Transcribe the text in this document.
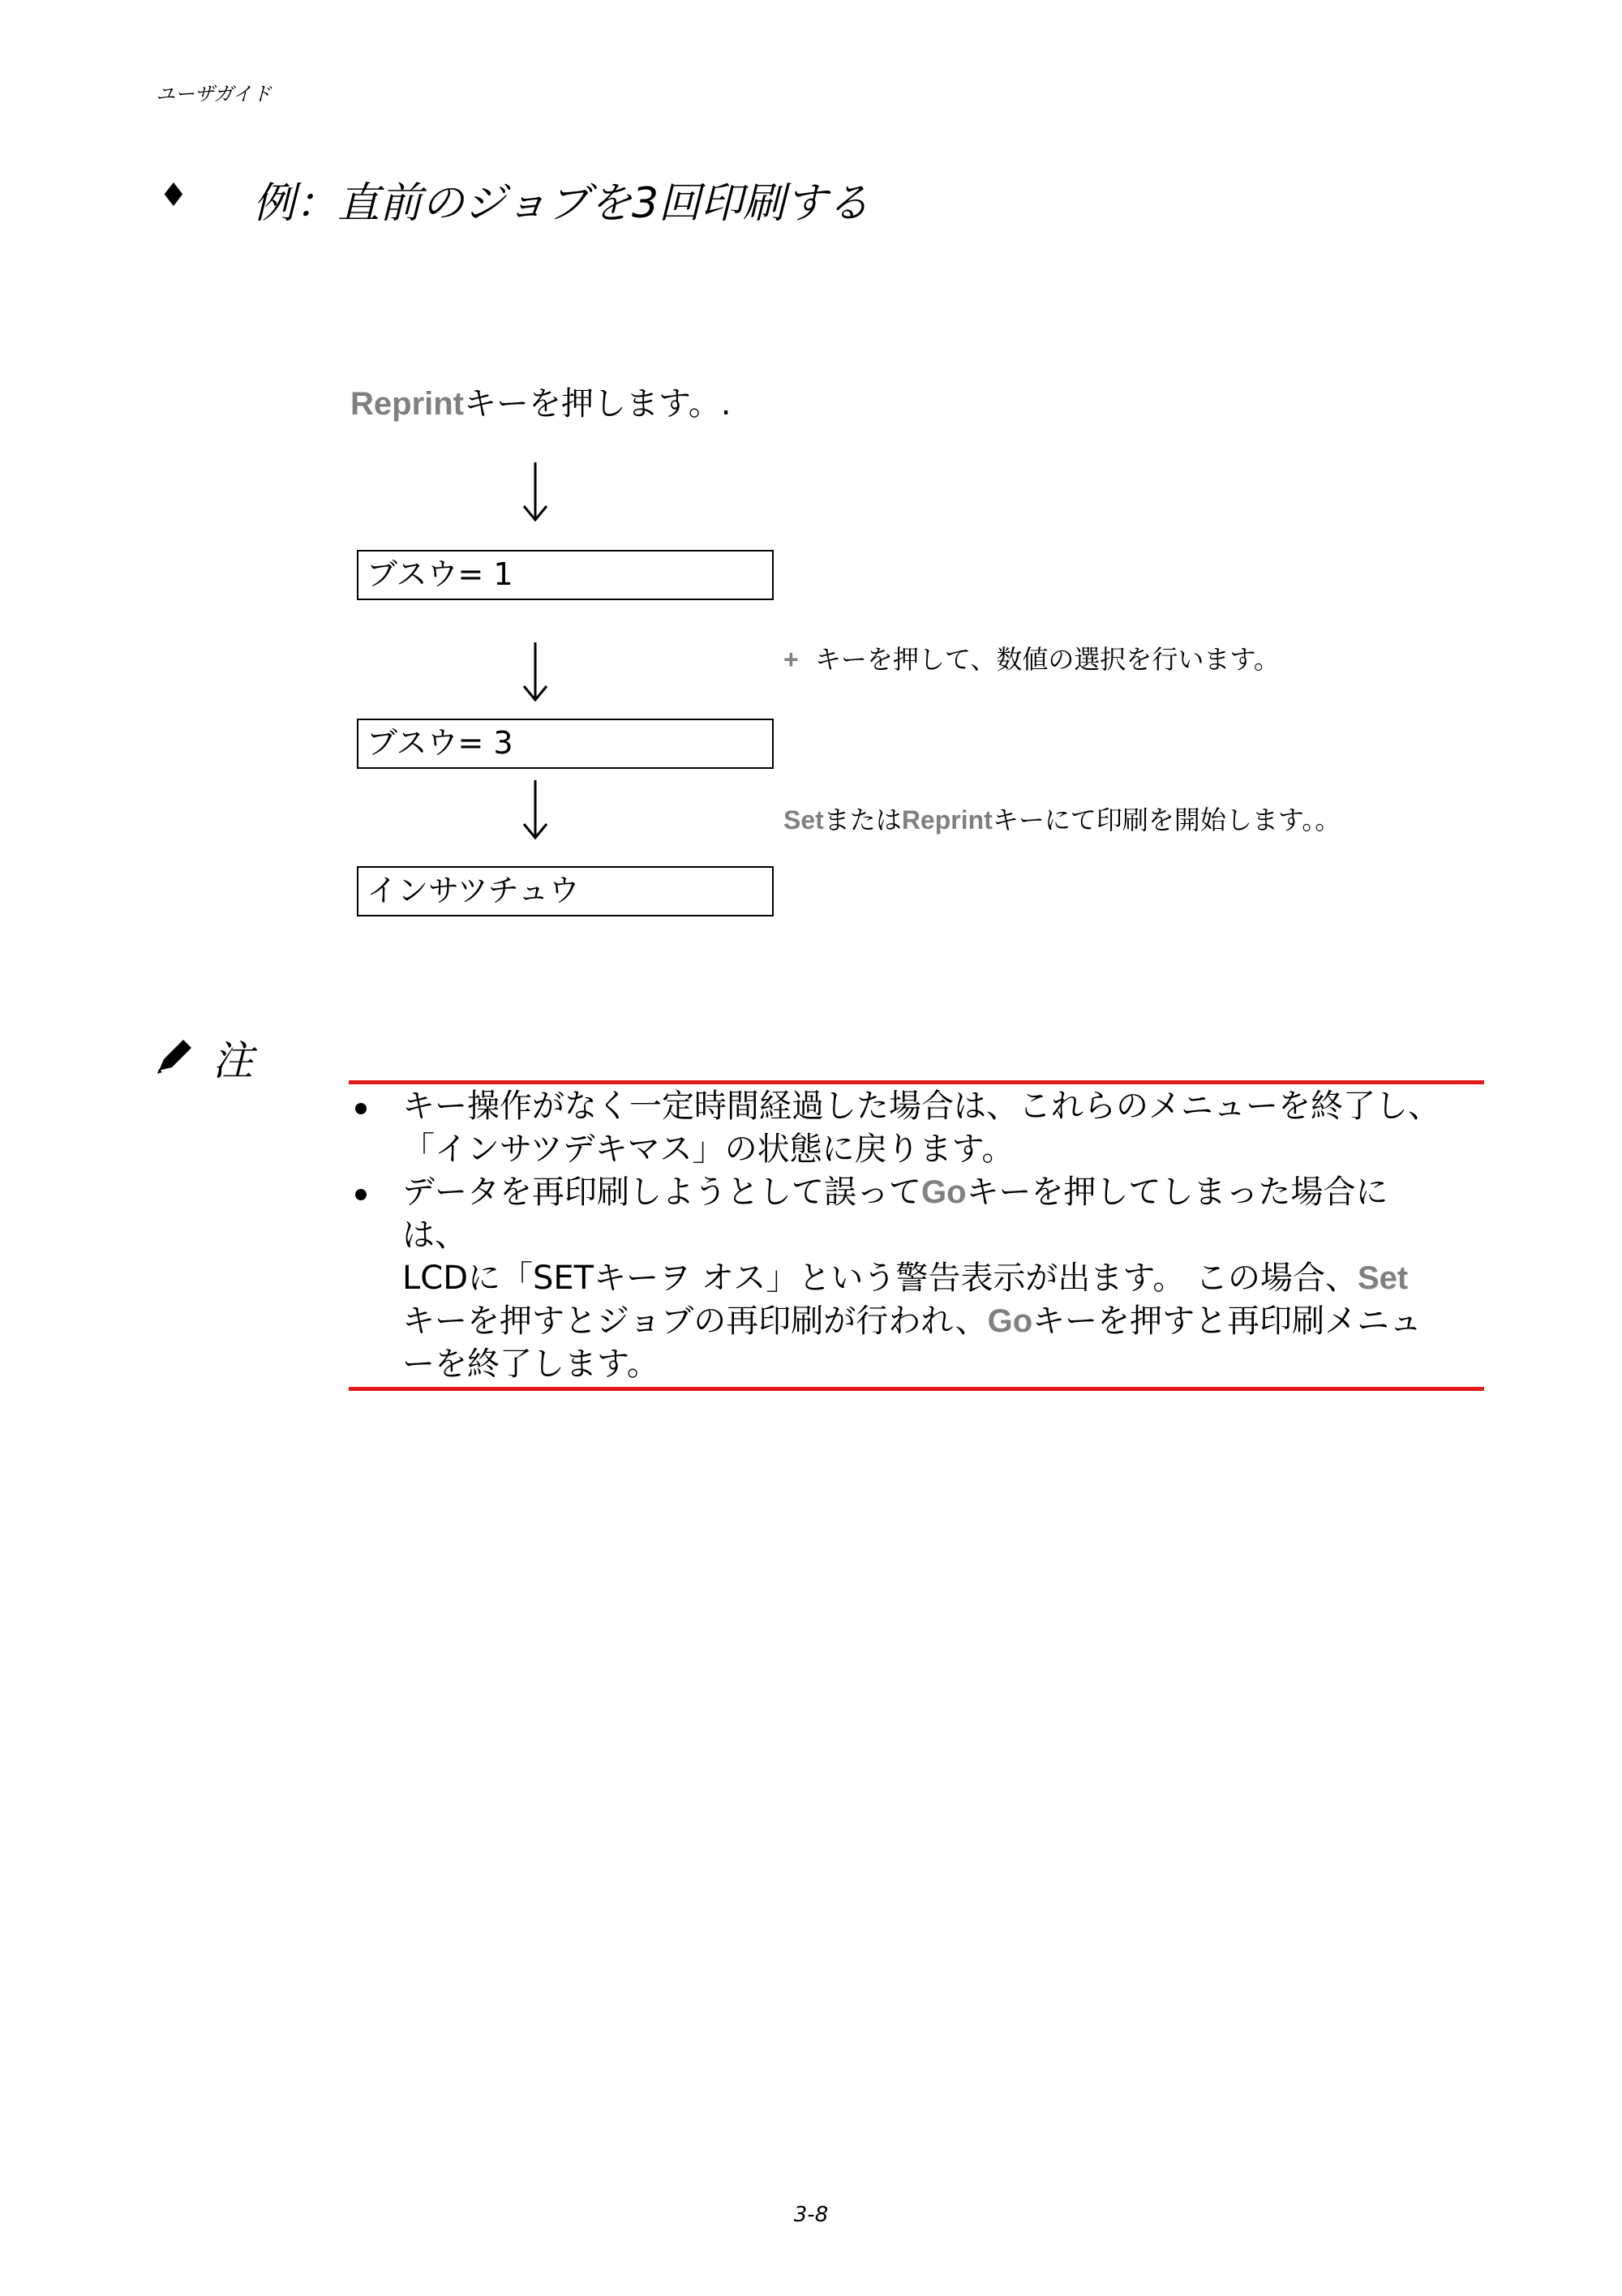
ユーザガイド
♦ 例：直前のジョブを3回印刷する
Reprintキーを押します。.
ブスウ= 1
+ キーを押して、数値の選択を行います。
ブスウ= 3
SetまたはReprintキーにて印刷を開始します。。
インサツチュウ
注
キー操作がなく一定時間経過した場合は、これらのメニューを終了し、
「インサツデキマス」の状態に戻ります。
データを再印刷しようとして誤ってGoキーを押してしまった場合に
は、
LCDに「SETキーヲ オス」という警告表示が出ます。 この場合、Set
キーを押すとジョブの再印刷が行われ、Goキーを押すと再印刷メニュ
ーを終了します。
3-8
